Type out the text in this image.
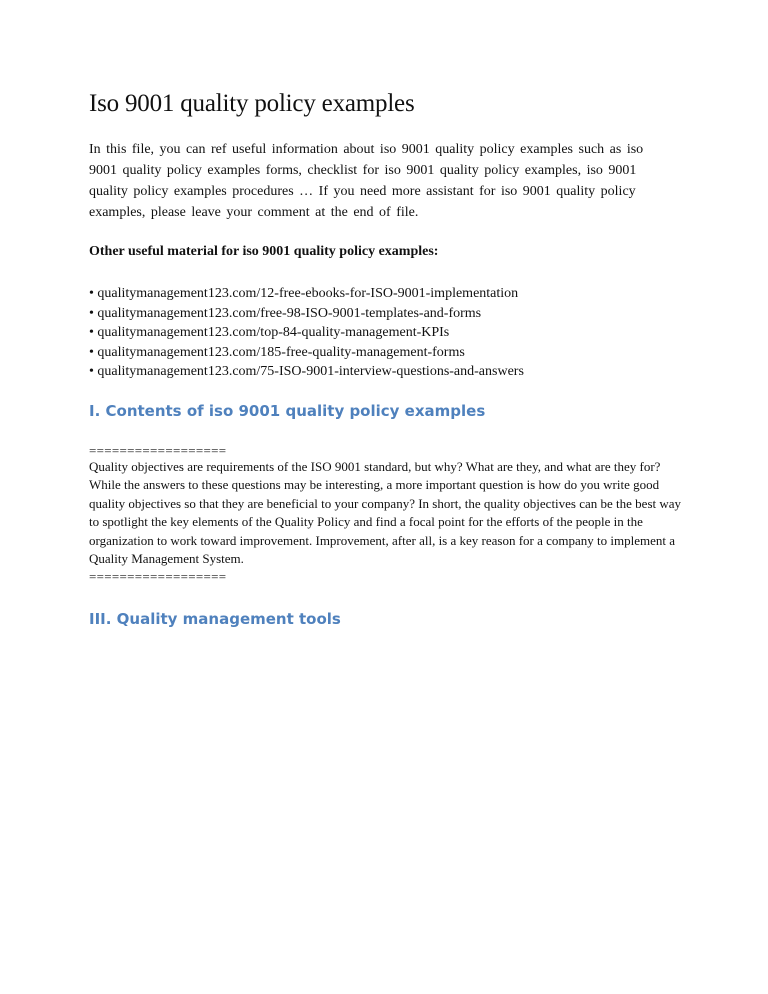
Iso 9001 quality policy examples

In this file, you can ref useful information about iso 9001 quality policy examples such as iso 9001 quality policy examples forms, checklist for iso 9001 quality policy examples, iso 9001 quality policy examples procedures … If you need more assistant for iso 9001 quality policy examples, please leave your comment at the end of file.

Other useful material for iso 9001 quality policy examples:

• qualitymanagement123.com/12-free-ebooks-for-ISO-9001-implementation
• qualitymanagement123.com/free-98-ISO-9001-templates-and-forms
• qualitymanagement123.com/top-84-quality-management-KPIs
• qualitymanagement123.com/185-free-quality-management-forms
• qualitymanagement123.com/75-ISO-9001-interview-questions-and-answers
I. Contents of iso 9001 quality policy examples
==================

Quality objectives are requirements of the ISO 9001 standard, but why? What are they, and what are they for? While the answers to these questions may be interesting, a more important question is how do you write good quality objectives so that they are beneficial to your company? In short, the quality objectives can be the best way to spotlight the key elements of the Quality Policy and find a focal point for the efforts of the people in the organization to work toward improvement. Improvement, after all, is a key reason for a company to implement a Quality Management System.

==================
III. Quality management tools
